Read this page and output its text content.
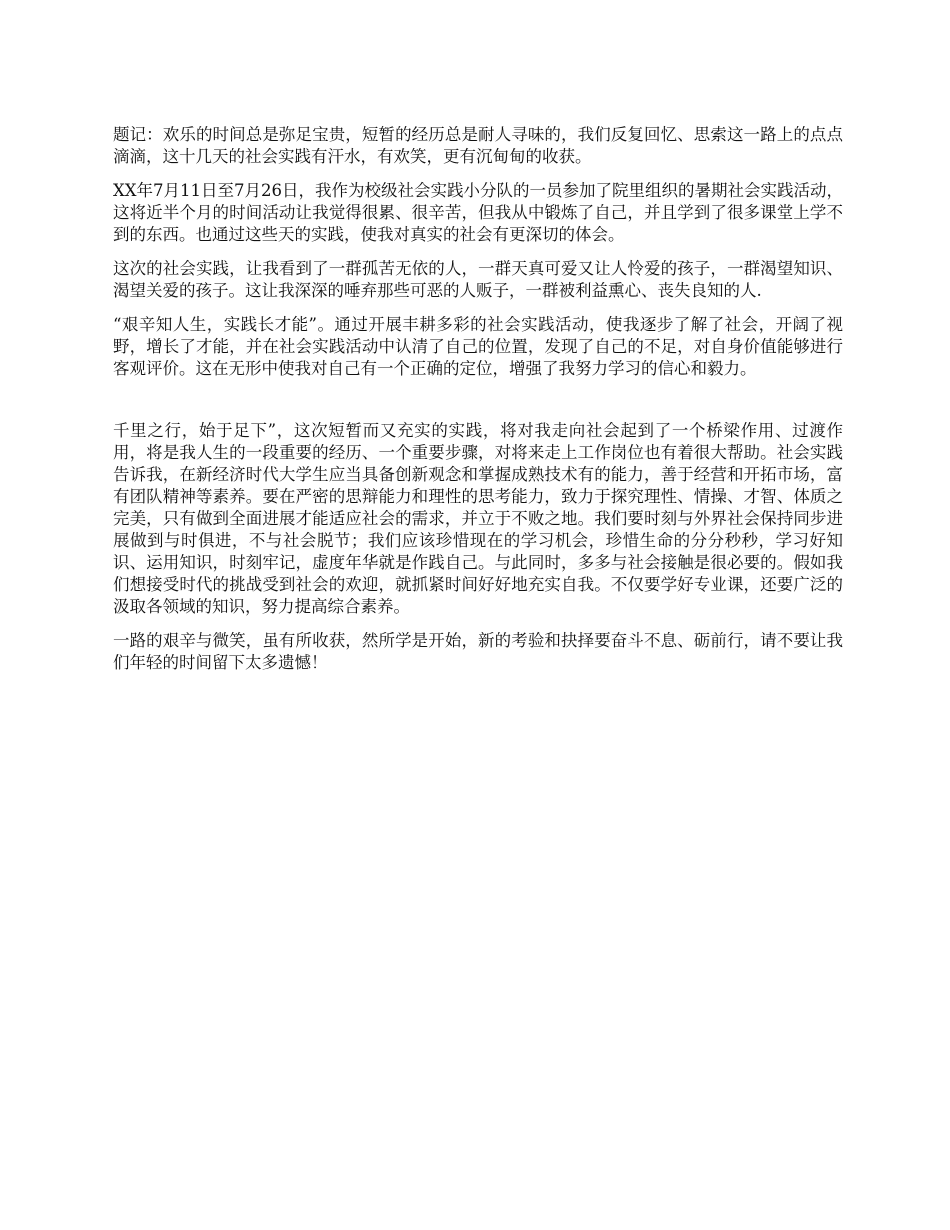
题记：欢乐的时间总是弥足宝贵，短暂的经历总是耐人寻味的，我们反复回忆、思索这一路上的点点滴滴，这十几天的社会实践有汗水，有欢笑，更有沉甸甸的收获。

XX年7月11日至7月26日，我作为校级社会实践小分队的一员参加了院里组织的暑期社会实践活动，这将近半个月的时间活动让我觉得很累、很辛苦，但我从中锻炼了自己，并且学到了很多课堂上学不到的东西。也通过这些天的实践，使我对真实的社会有更深切的体会。

这次的社会实践，让我看到了一群孤苦无依的人，一群天真可爱又让人怜爱的孩子，一群渴望知识、渴望关爱的孩子。这让我深深的唾弃那些可恶的人贩子，一群被利益熏心、丧失良知的人.

“艰辛知人生，实践长才能”。通过开展丰耕多彩的社会实践活动，使我逐步了解了社会，开阔了视野，增长了才能，并在社会实践活动中认清了自己的位置，发现了自己的不足，对自身价值能够进行客观评价。这在无形中使我对自己有一个正确的定位，增强了我努力学习的信心和毅力。

千里之行，始于足下”，这次短暂而又充实的实践，将对我走向社会起到了一个桥梁作用、过渡作用，将是我人生的一段重要的经历、一个重要步骤，对将来走上工作岗位也有着很大帮助。社会实践告诉我，在新经济时代大学生应当具备创新观念和掌握成熟技术有的能力，善于经营和开拓市场，富有团队精神等素养。要在严密的思辩能力和理性的思考能力，致力于探究理性、情操、才智、体质之完美，只有做到全面进展才能适应社会的需求，并立于不败之地。我们要时刻与外界社会保持同步进展做到与时俱进，不与社会脱节；我们应该珍惜现在的学习机会，珍惜生命的分分秒秒，学习好知识、运用知识，时刻牢记，虚度年华就是作践自己。与此同时，多多与社会接触是很必要的。假如我们想接受时代的挑战受到社会的欢迎，就抓紧时间好好地充实自我。不仅要学好专业课，还要广泛的汲取各领域的知识，努力提高综合素养。

一路的艰辛与微笑，虽有所收获，然所学是开始，新的考验和抉择要奋斗不息、砺前行，请不要让我们年轻的时间留下太多遗憾！
